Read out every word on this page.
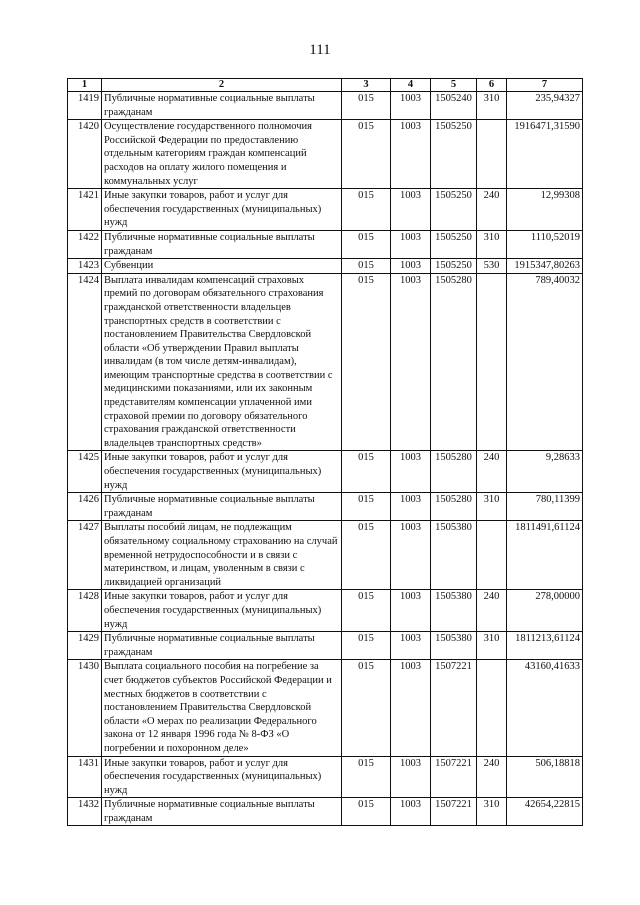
111
1	2	3	4	5	6	7
1419	Публичные нормативные социальные выплаты гражданам	015	1003	1505240	310	235,94327
1420	Осуществление государственного полномочия Российской Федерации по предоставлению отдельным категориям граждан компенсаций расходов на оплату жилого помещения и коммунальных услуг	015	1003	1505250		1916471,31590
1421	Иные закупки товаров, работ и услуг для обеспечения государственных (муниципальных) нужд	015	1003	1505250	240	12,99308
1422	Публичные нормативные социальные выплаты гражданам	015	1003	1505250	310	1110,52019
1423	Субвенции	015	1003	1505250	530	1915347,80263
1424	Выплата инвалидам компенсаций страховых премий по договорам обязательного страхования гражданской ответственности владельцев транспортных средств в соответствии с постановлением Правительства Свердловской области «Об утверждении Правил выплаты инвалидам (в том числе детям-инвалидам), имеющим транспортные средства в соответствии с медицинскими показаниями, или их законным представителям компенсации уплаченной ими страховой премии по договору обязательного страхования гражданской ответственности владельцев транспортных средств»	015	1003	1505280		789,40032
1425	Иные закупки товаров, работ и услуг для обеспечения государственных (муниципальных) нужд	015	1003	1505280	240	9,28633
1426	Публичные нормативные социальные выплаты гражданам	015	1003	1505280	310	780,11399
1427	Выплаты пособий лицам, не подлежащим обязательному социальному страхованию на случай временной нетрудоспособности и в связи с материнством, и лицам, уволенным в связи с ликвидацией организаций	015	1003	1505380		1811491,61124
1428	Иные закупки товаров, работ и услуг для обеспечения государственных (муниципальных) нужд	015	1003	1505380	240	278,00000
1429	Публичные нормативные социальные выплаты гражданам	015	1003	1505380	310	1811213,61124
1430	Выплата социального пособия на погребение за счет бюджетов субъектов Российской Федерации и местных бюджетов в соответствии с постановлением Правительства Свердловской области «О мерах по реализации Федерального закона от 12 января 1996 года № 8-ФЗ «О погребении и похоронном деле»	015	1003	1507221		43160,41633
1431	Иные закупки товаров, работ и услуг для обеспечения государственных (муниципальных) нужд	015	1003	1507221	240	506,18818
1432	Публичные нормативные социальные выплаты гражданам	015	1003	1507221	310	42654,22815
